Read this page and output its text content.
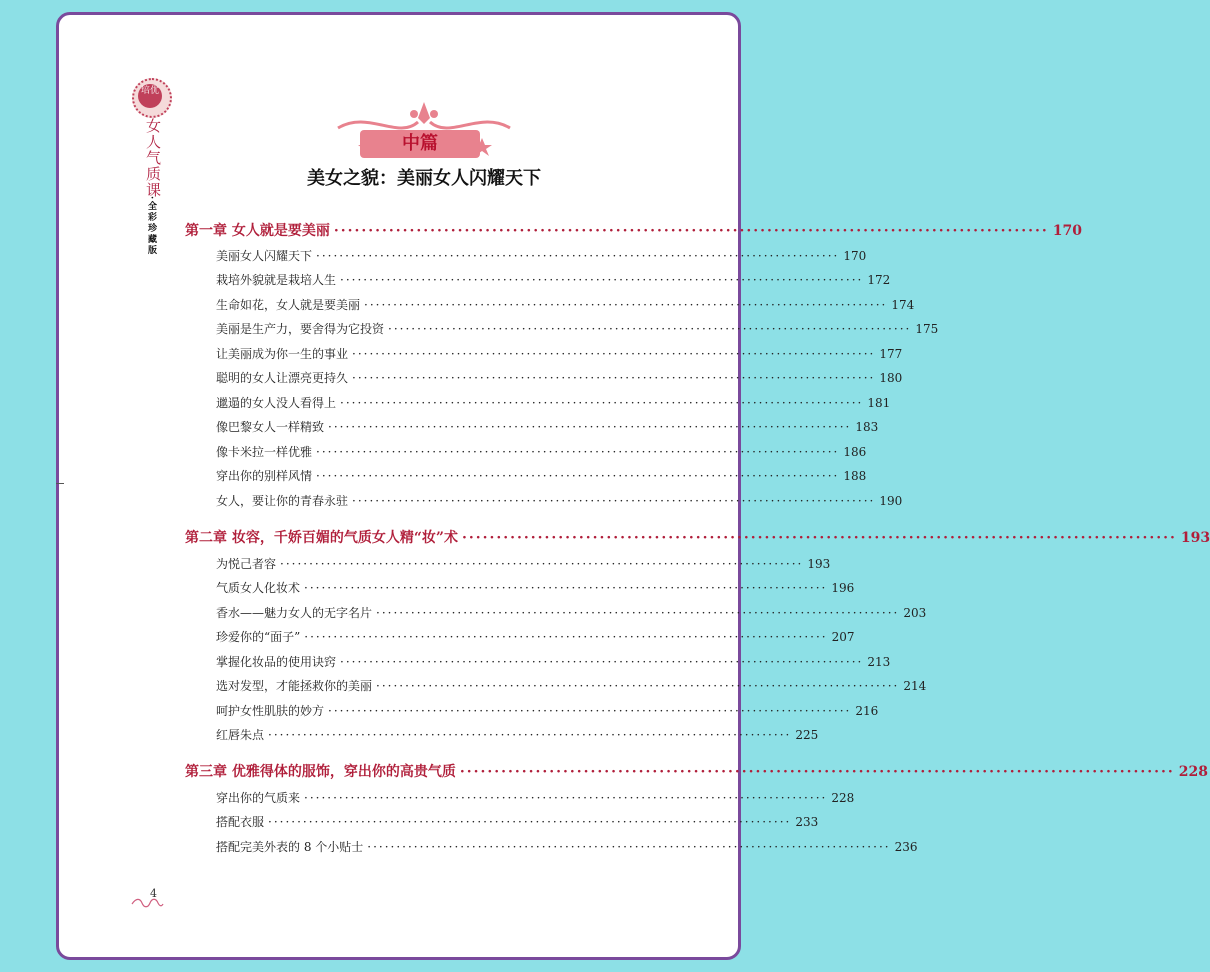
培优
女人气质课
·全彩珍藏版
中篇
美女之貌：美丽女人闪耀天下
第一章 女人就是要美丽 ········································································································ 170
美丽女人闪耀天下 ·························································································· 170
栽培外貌就是栽培人生 ·························································································· 172
生命如花，女人就是要美丽 ·························································································· 174
美丽是生产力，要舍得为它投资 ·························································································· 175
让美丽成为你一生的事业 ·························································································· 177
聪明的女人让漂亮更持久 ·························································································· 180
邋遢的女人没人看得上 ·························································································· 181
像巴黎女人一样精致 ·························································································· 183
像卡米拉一样优雅 ·························································································· 186
穿出你的别样风情 ·························································································· 188
女人，要让你的青春永驻 ·························································································· 190
第二章 妆容，千娇百媚的气质女人精“妆”术 ········································································································ 193
为悦己者容 ·························································································· 193
气质女人化妆术 ·························································································· 196
香水——魅力女人的无字名片 ·························································································· 203
珍爱你的“面子” ·························································································· 207
掌握化妆品的使用诀窍 ·························································································· 213
选对发型，才能拯救你的美丽 ·························································································· 214
呵护女性肌肤的妙方 ·························································································· 216
红唇朱点 ·························································································· 225
第三章 优雅得体的服饰，穿出你的高贵气质 ········································································································ 228
穿出你的气质来 ·························································································· 228
搭配衣服 ·························································································· 233
搭配完美外表的 8 个小贴士 ·························································································· 236
4
